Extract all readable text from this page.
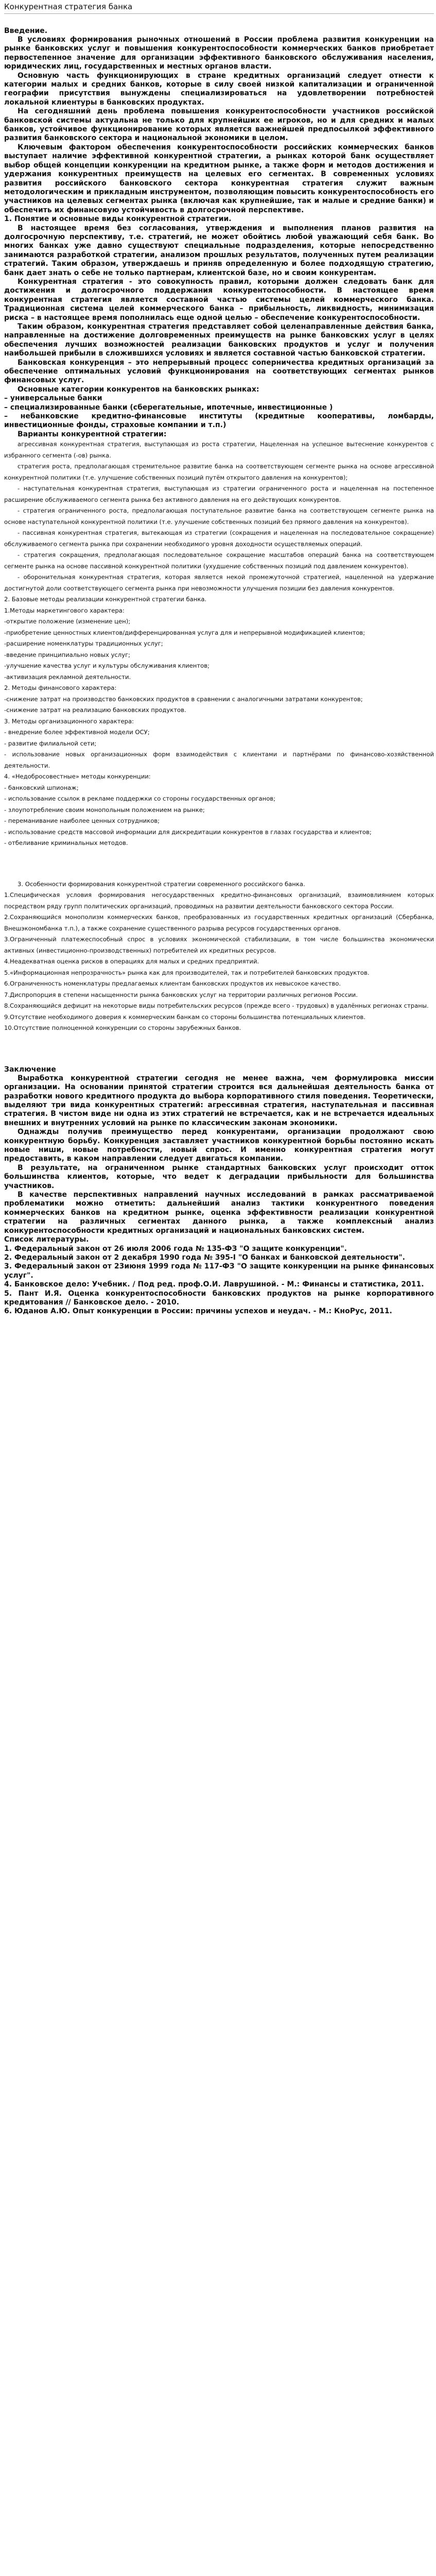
Конкурентная стратегия банка

Введение.

В условиях формирования рыночных отношений в России проблема развития конкуренции на рынке банковских услуг и повышения конкурентоспособности коммерческих банков приобретает первостепенное значение для организации эффективного банковского обслуживания населения, юридических лиц, государственных и местных органов власти.

Основную часть функционирующих в стране кредитных организаций следует отнести к категории малых и средних банков, которые в силу своей низкой капитализации и ограниченной географии присутствия вынуждены специализироваться на удовлетворении потребностей локальной клиентуры в банковских продуктах.

На сегодняшний день проблема повышения конкурентоспособности участников российской банковской системы актуальна не только для крупнейших ее игроков, но и для средних и малых банков, устойчивое функционирование которых является важнейшей предпосылкой эффективного развития банковского сектора и национальной экономики в целом.

Ключевым фактором обеспечения конкурентоспособности российских коммерческих банков выступает наличие эффективной конкурентной стратегии, а рынках которой банк осуществляет выбор общей концепции конкуренции на кредитном рынке, а также форм и методов достижения и удержания конкурентных преимуществ на целевых его сегментах. В современных условиях развития российского банковского сектора конкурентная стратегия служит важным методологическим и прикладным инструментом, позволяющим повысить конкурентоспособность его участников на целевых сегментах рынка (включая как крупнейшие, так и малые и средние банки) и обеспечить их финансовую устойчивость в долгосрочной перспективе.

1. Понятие и основные виды конкурентной стратегии.

В настоящее время без согласования, утверждения и выполнения планов развития на долгосрочную перспективу, т.е. стратегий, не может обойтись любой уважающий себя банк. Во многих банках уже давно существуют специальные подразделения, которые непосредственно занимаются разработкой стратегии, анализом прошлых результатов, полученных путем реализации стратегий. Таким образом, утверждаешь и приняв определенную и более подходящую стратегию, банк дает знать о себе не только партнерам, клиентской базе, но и своим конкурентам.

Конкурентная стратегия - это совокупность правил, которыми должен следовать банк для достижения и долгосрочного поддержания конкурентоспособности. В настоящее время конкурентная стратегия является составной частью системы целей коммерческого банка. Традиционная система целей коммерческого банка – прибыльность, ликвидность, минимизация риска – в настоящее время пополнилась еще одной целью – обеспечение конкурентоспособности.

Таким образом, конкурентная стратегия представляет собой целенаправленные действия банка, направленные на достижение долговременных преимуществ на рынке банковских услуг в целях обеспечения лучших возможностей реализации банковских продуктов и услуг и получения наибольшей прибыли в сложившихся условиях и является составной частью банковской стратегии.

Банковская конкуренция – это непрерывный процесс соперничества кредитных организаций за обеспечение оптимальных условий функционирования на соответствующих сегментах рынков финансовых услуг.

Основные категории конкурентов на банковских рынках:

– универсальные банки

– специализированные банки (сберегательные, ипотечные, инвестиционные )

– небанковские кредитно-финансовые институты (кредитные кооперативы, ломбарды, инвестиционные фонды, страховые компании и т.п.)

Варианты конкурентной стратегии:

агрессивная конкурентная стратегия, выступающая из роста стратегии, Нацеленная на успешное вытеснение конкурентов с избранного сегмента (-ов) рынка.

стратегия роста, предполагающая стремительное развитие банка на соответствующем сегменте рынка на основе агрессивной конкурентной политики (т.е. улучшение собственных позиций путём открытого давления на конкурентов);

- наступательная конкурентная стратегия, выступающая из стратегии ограниченного роста и нацеленная на постепенное расширение обслуживаемого сегмента рынка без активного давления на его действующих конкурентов.

- стратегия ограниченного роста, предполагающая поступательное развитие банка на соответствующем сегменте рынка на основе наступательной конкурентной политики (т.е. улучшение собственных позиций без прямого давления на конкурентов).

- пассивная конкурентная стратегия, вытекающая из стратегии (сокращения и нацеленная на последовательное сокращение) обслуживаемого сегмента рынка при сохранении необходимого уровня доходности осуществляемых операций.

- стратегия сокращения, предполагающая последовательное сокращение масштабов операций банка на соответствующем сегменте рынка на основе пассивной конкурентной политики (ухудшение собственных позиций под давлением конкурентов).

- оборонительная конкурентная стратегия, которая является некой промежуточной стратегией, нацеленной на удержание достигнутой доли соответствующего сегмента рынка при невозможности улучшения позиции без давления конкурентов.

2. Базовые методы реализации конкурентной стратегии банка.

1.Методы маркетингового характера:

-открытие положение (изменение цен);

-приобретение ценностных клиентов/дифференцированная услуга для и непрерывной модификацией клиентов;

-расширение номенклатуры традиционных услуг;

-введение принципиально новых услуг;

-улучшение качества услуг и культуры обслуживания клиентов;

-активизация рекламной деятельности.

2. Методы финансового характера:

-снижение затрат на производство банковских продуктов в сравнении с аналогичными затратами конкурентов;

-снижение затрат на реализацию банковских продуктов.

3. Методы организационного характера:

- внедрение более эффективной модели ОСУ;

- развитие филиальной сети;

- использование новых организационных форм взаимодействия с клиентами и партнёрами по финансово-хозяйственной деятельности.

4. «Недобросовестные» методы конкуренции:

- банковский шпионаж;

- использование ссылок в рекламе поддержки со стороны государственных органов;

- злоупотребление своим монопольным положением на рынке;

- переманивание наиболее ценных сотрудников;

- использование средств массовой информации для дискредитации конкурентов в глазах государства и клиентов;

- отбеливание криминальных методов.

3. Особенности формирования конкурентной стратегии современного российского банка.

1.Специфическая условия формирования негосударственных кредитно-финансовых организаций, взаимовлиянием которых посредством ряду групп политических организаций, проводимых на развитии деятельности банковского сектора России.

2.Сохраняющийся монополизм коммерческих банков, преобразованных из государственных кредитных организаций (Сбербанка, Внешэкономбанка т.п.), а также сохранение существенного разрыва ресурсов государственных органов.

3.Ограниченный платежеспособный спрос в условиях экономической стабилизации, в том числе большинства экономически активных (инвестиционно-производственных) потребителей их кредитных ресурсов.

4.Неадекватная оценка рисков в операциях для малых и средних предприятий.

5.«Информационная непрозрачность» рынка как для производителей, так и потребителей банковских продуктов.

6.Ограниченность номенклатуры предлагаемых клиентам банковских продуктов их невысокое качество.

7.Диспропорция в степени насыщенности рынка банковских услуг на территории различных регионов России.

8.Сохраняющийся дефицит на некоторые виды потребительских ресурсов (прежде всего - трудовых) в удалённых регионах страны.

9.Отсутствие необходимого доверия к коммерческим банкам со стороны большинства потенциальных клиентов.

10.Отсутствие полноценной конкуренции со стороны зарубежных банков.

Заключение

Выработка конкурентной стратегии сегодня не менее важна, чем формулировка миссии организации. На основании принятой стратегии строится вся дальнейшая деятельность банка от разработки нового кредитного продукта до выбора корпоративного стиля поведения. Теоретически, выделяют три вида конкурентных стратегий: агрессивная стратегия, наступательная и пассивная стратегия. В чистом виде ни одна из этих стратегий не встречается, как и не встречается идеальных внешних и внутренних условий на рынке по классическим законам экономики.

Однажды получив преимущество перед конкурентами, организации продолжают свою конкурентную борьбу. Конкуренция заставляет участников конкурентной борьбы постоянно искать новые ниши, новые потребности, новый спрос. И именно конкурентная стратегия могут предоставить, в каком направлении следует двигаться компании.

В результате, на ограниченном рынке стандартных банковских услуг происходит отток большинства клиентов, которые, что ведет к деградации прибыльности для большинства участников.

В качестве перспективных направлений научных исследований в рамках рассматриваемой проблематики можно отметить: дальнейший анализ тактики конкурентного поведения коммерческих банков на кредитном рынке, оценка эффективности реализации конкурентной стратегии на различных сегментах данного рынка, а также комплексный анализ конкурентоспособности кредитных организаций и национальных банковских систем.

Список литературы.

1. Федеральный закон от 26 июля 2006 года № 135-ФЗ "О защите конкуренции".

2. Федеральный закон от 2 декабря 1990 года № 395-I "О банках и банковской деятельности".

3. Федеральный закон от 23июня 1999 года № 117-ФЗ "О защите конкуренции на рынке финансовых услуг".

4. Банковское дело: Учебник. / Под ред. проф.О.И. Лаврушиной. - М.: Финансы и статистика, 2011.

5. Пант И.Я. Оценка конкурентоспособности банковских продуктов на рынке корпоративного кредитования // Банковское дело. - 2010.

6. Юданов А.Ю. Опыт конкуренции в России: причины успехов и неудач. - М.: КноРус, 2011.
